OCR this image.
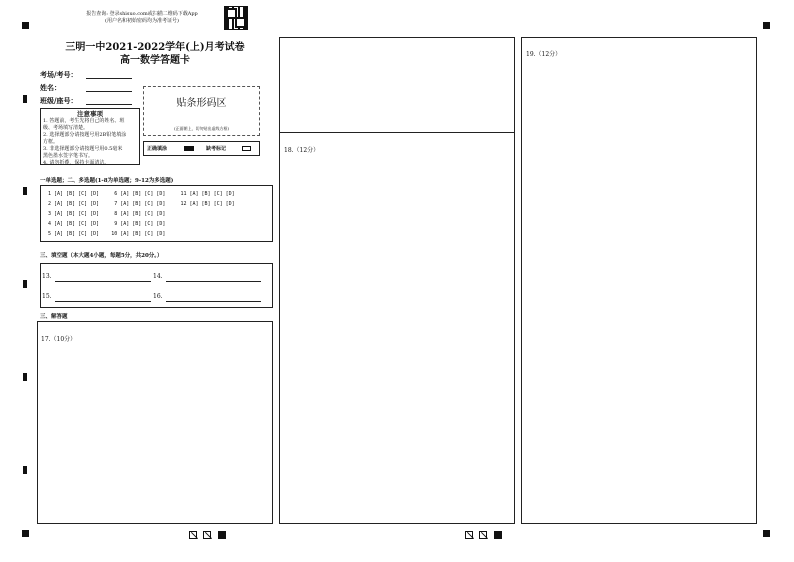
报告查询: 登录shisuo.com或扫描二维码下载App
(用户名和初始密码均为准考证号)
三明一中2021-2022学年(上)月考试卷
高一数学答题卡
考场/考号：
姓名：
班级/座号：
注意事项
1. 答题前，考生先将自己的姓名、班
级、考场填写清楚。
2. 选择题部分请按题号用2B铅笔填涂
方框。
3. 非选择题部分请按题号用0.5毫米
黑色墨水签字笔书写。
4. 请勿折叠，保持卡面清洁。
贴条形码区
(正面朝上，切勿贴出虚线方框)
正确填涂	缺考标记
一单选题；二、多选题(1-8为单选题；9-12为多选题)
1 [A] [B] [C] [D]     6 [A] [B] [C] [D]     11 [A] [B] [C] [D]
2 [A] [B] [C] [D]     7 [A] [B] [C] [D]     12 [A] [B] [C] [D]
3 [A] [B] [C] [D]     8 [A] [B] [C] [D]
4 [A] [B] [C] [D]     9 [A] [B] [C] [D]
5 [A] [B] [C] [D]    10 [A] [B] [C] [D]
三、填空题（本大题4小题，每题5分，共20分。）
13.	14.
15.	16.
三、解答题
17.（10分）
18.（12分）
19.（12分）
